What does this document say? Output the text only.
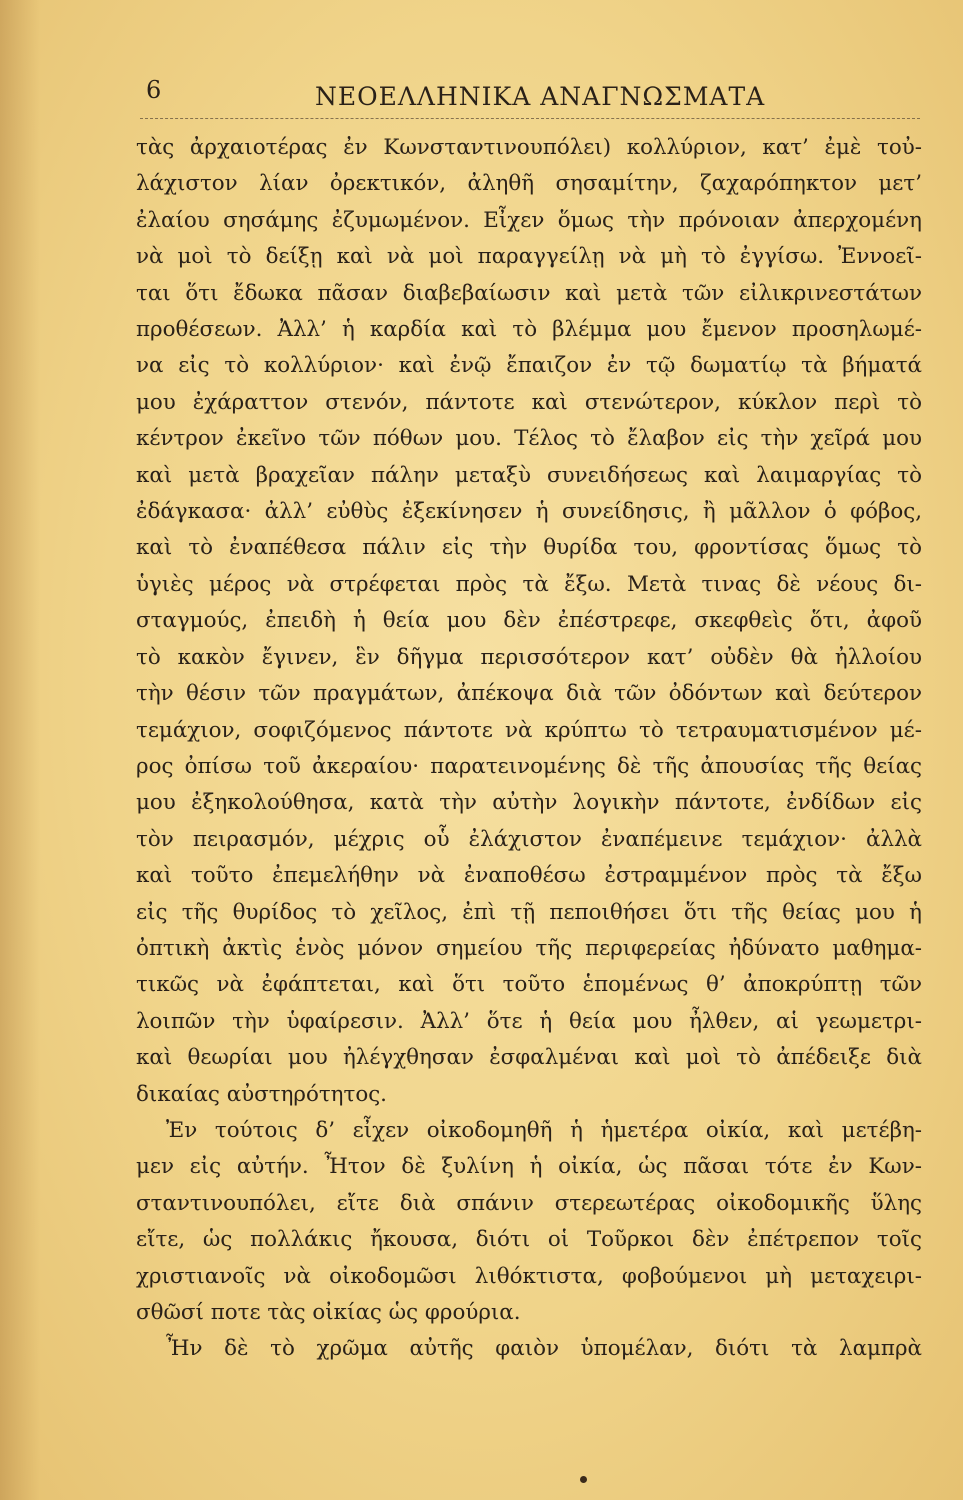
6	ΝΕΟΕΛΛΗΝΙΚΑ ΑΝΑΓΝΩΣΜΑΤΑ
τὰς ἀρχαιοτέρας ἐν Κωνσταντινουπόλει) κολλύριον, κατ’ ἐμὲ τοὐ-
λάχιστον λίαν ὀρεκτικόν, ἀληθῆ σησαμίτην, ζαχαρόπηκτον μετ’
ἐλαίου σησάμης ἐζυμωμένον. Εἶχεν ὅμως τὴν πρόνοιαν ἀπερχομένη
νὰ μοὶ τὸ δείξῃ καὶ νὰ μοὶ παραγγείλῃ νὰ μὴ τὸ ἐγγίσω. Ἐννοεῖ-
ται ὅτι ἔδωκα πᾶσαν διαβεβαίωσιν καὶ μετὰ τῶν εἰλικρινεστάτων
προθέσεων. Ἀλλ’ ἡ καρδία καὶ τὸ βλέμμα μου ἔμενον προσηλωμέ-
να εἰς τὸ κολλύριον· καὶ ἐνῷ ἔπαιζον ἐν τῷ δωματίῳ τὰ βήματά
μου ἐχάραττον στενόν, πάντοτε καὶ στενώτερον, κύκλον περὶ τὸ
κέντρον ἐκεῖνο τῶν πόθων μου. Τέλος τὸ ἔλαβον εἰς τὴν χεῖρά μου
καὶ μετὰ βραχεῖαν πάλην μεταξὺ συνειδήσεως καὶ λαιμαργίας τὸ
ἐδάγκασα· ἀλλ’ εὐθὺς ἐξεκίνησεν ἡ συνείδησις, ἢ μᾶλλον ὁ φόβος,
καὶ τὸ ἐναπέθεσα πάλιν εἰς τὴν θυρίδα του, φροντίσας ὅμως τὸ
ὑγιὲς μέρος νὰ στρέφεται πρὸς τὰ ἔξω. Μετὰ τινας δὲ νέους δι-
σταγμούς, ἐπειδὴ ἡ θεία μου δὲν ἐπέστρεφε, σκεφθεὶς ὅτι, ἀφοῦ
τὸ κακὸν ἔγινεν, ἓν δῆγμα περισσότερον κατ’ οὐδὲν θὰ ἠλλοίου
τὴν θέσιν τῶν πραγμάτων, ἀπέκοψα διὰ τῶν ὀδόντων καὶ δεύτερον
τεμάχιον, σοφιζόμενος πάντοτε νὰ κρύπτω τὸ τετραυματισμένον μέ-
ρος ὀπίσω τοῦ ἀκεραίου· παρατεινομένης δὲ τῆς ἀπουσίας τῆς θείας
μου ἐξηκολούθησα, κατὰ τὴν αὐτὴν λογικὴν πάντοτε, ἐνδίδων εἰς
τὸν πειρασμόν, μέχρις οὗ ἐλάχιστον ἐναπέμεινε τεμάχιον· ἀλλὰ
καὶ τοῦτο ἐπεμελήθην νὰ ἐναποθέσω ἐστραμμένον πρὸς τὰ ἔξω
εἰς τῆς θυρίδος τὸ χεῖλος, ἐπὶ τῇ πεποιθήσει ὅτι τῆς θείας μου ἡ
ὀπτικὴ ἀκτὶς ἑνὸς μόνον σημείου τῆς περιφερείας ἠδύνατο μαθημα-
τικῶς νὰ ἐφάπτεται, καὶ ὅτι τοῦτο ἑπομένως θ’ ἀποκρύπτῃ τῶν
λοιπῶν τὴν ὑφαίρεσιν. Ἀλλ’ ὅτε ἡ θεία μου ἦλθεν, αἱ γεωμετρι-
καὶ θεωρίαι μου ἠλέγχθησαν ἐσφαλμέναι καὶ μοὶ τὸ ἀπέδειξε διὰ
δικαίας αὐστηρότητος.
Ἐν τούτοις δ’ εἶχεν οἰκοδομηθῆ ἡ ἡμετέρα οἰκία, καὶ μετέβη-
μεν εἰς αὐτήν. Ἦτον δὲ ξυλίνη ἡ οἰκία, ὡς πᾶσαι τότε ἐν Κων-
σταντινουπόλει, εἴτε διὰ σπάνιν στερεωτέρας οἰκοδομικῆς ὕλης
εἴτε, ὡς πολλάκις ἤκουσα, διότι οἱ Τοῦρκοι δὲν ἐπέτρεπον τοῖς
χριστιανοῖς νὰ οἰκοδομῶσι λιθόκτιστα, φοβούμενοι μὴ μεταχειρι-
σθῶσί ποτε τὰς οἰκίας ὡς φρούρια.
Ἦν δὲ τὸ χρῶμα αὐτῆς φαιὸν ὑπομέλαν, διότι τὰ λαμπρὰ
